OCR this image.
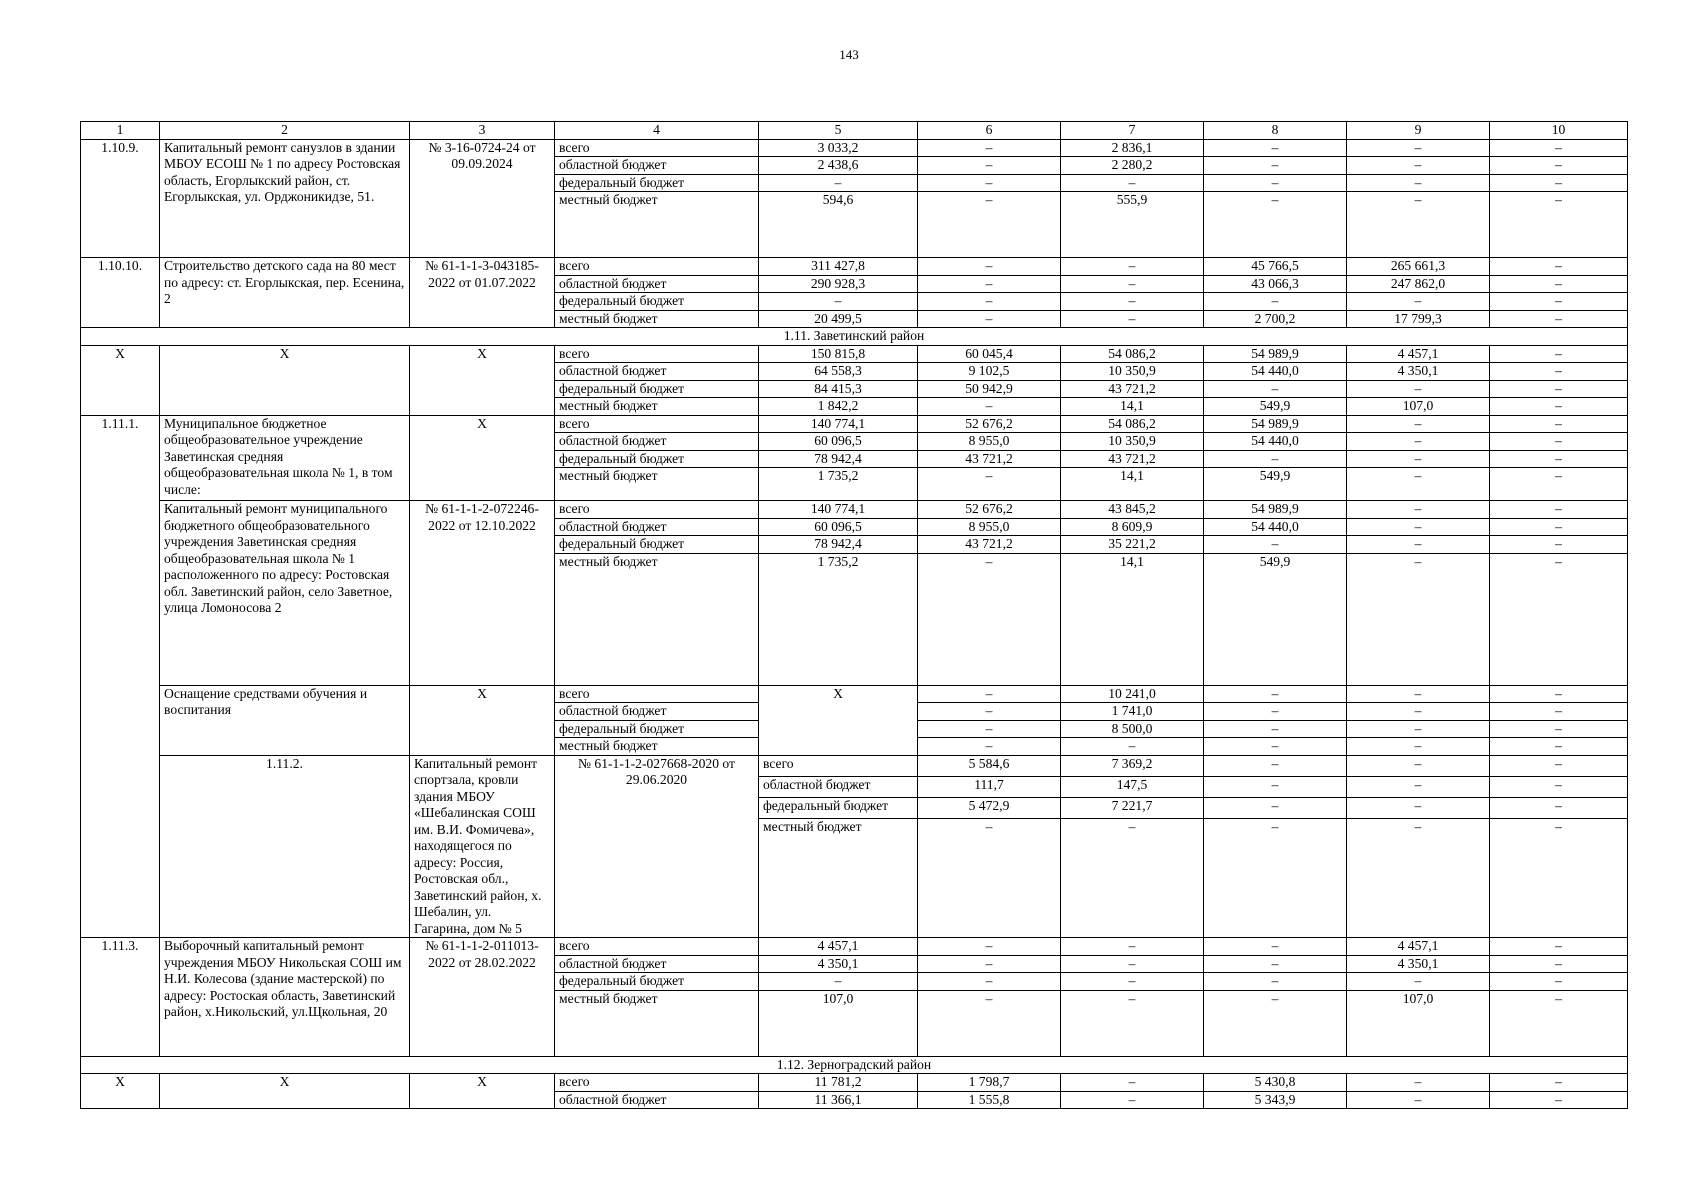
143
1	2	3	4	5	6	7	8	9	10	
1.10.9.	Капитальный ремонт санузлов в здании МБОУ ЕСОШ № 1 по адресу Ростовская область, Егорлыкский район, ст. Егорлыкская, ул. Орджоникидзе, 51.	№ 3-16-0724-24 от 09.09.2024	всего	3 033,2	–	2 836,1	–	–	–	
			областной бюджет	2 438,6	–	2 280,2	–	–	–	
			федеральный бюджет	–	–	–	–	–	–	
			местный бюджет	594,6	–	555,9	–	–	–	
1.10.10.	Строительство детского сада на 80 мест по адресу: ст. Егорлыкская, пер. Есенина, 2	№ 61-1-1-3-043185-2022 от 01.07.2022	всего	311 427,8	–	–	45 766,5	265 661,3	–	
			областной бюджет	290 928,3	–	–	43 066,3	247 862,0	–	
			федеральный бюджет	–	–	–	–	–	–	
			местный бюджет	20 499,5	–	–	2 700,2	17 799,3	–	
1.11. Заветинский район										
Х	Х	Х	всего	150 815,8	60 045,4	54 086,2	54 989,9	4 457,1	–	
			областной бюджет	64 558,3	9 102,5	10 350,9	54 440,0	4 350,1	–	
			федеральный бюджет	84 415,3	50 942,9	43 721,2	–	–	–	
			местный бюджет	1 842,2	–	14,1	549,9	107,0	–	
1.11.1.	Муниципальное бюджетное общеобразовательное учреждение Заветинская средняя общеобразовательная школа № 1, в том числе:	Х	всего	140 774,1	52 676,2	54 086,2	54 989,9	–	–	
			областной бюджет	60 096,5	8 955,0	10 350,9	54 440,0	–	–	
			федеральный бюджет	78 942,4	43 721,2	43 721,2	–	–	–	
			местный бюджет	1 735,2	–	14,1	549,9	–	–	
	Капитальный ремонт муниципального бюджетного общеобразовательного учреждения Заветинская средняя общеобразовательная школа № 1 расположенного по адресу: Ростовская обл. Заветинский район, село Заветное, улица Ломоносова 2	№ 61-1-1-2-072246-2022 от 12.10.2022	всего	140 774,1	52 676,2	43 845,2	54 989,9	–	–	
			областной бюджет	60 096,5	8 955,0	8 609,9	54 440,0	–	–	
			федеральный бюджет	78 942,4	43 721,2	35 221,2	–	–	–	
			местный бюджет	1 735,2	–	14,1	549,9	–	–	
	Оснащение средствами обучения и воспитания	Х	всего	Х	–	10 241,0	–	–	–	
			областной бюджет		–	1 741,0	–	–	–	
			федеральный бюджет		–	8 500,0	–	–	–	
			местный бюджет		–	–	–	–	–	
	1.11.2.	Капитальный ремонт спортзала, кровли здания МБОУ «Шебалинская СОШ им. В.И. Фомичева», находящегося по адресу: Россия, Ростовская обл., Заветинский район, х. Шебалин, ул. Гагарина, дом № 5	№ 61-1-1-2-027668-2020 от 29.06.2020	всего	5 584,6	7 369,2	–	–	–	
				областной бюджет	111,7	147,5	–	–	–	
				федеральный бюджет	5 472,9	7 221,7	–	–	–	
				местный бюджет	–	–	–	–	–	
1.11.3.	Выборочный капитальный ремонт учреждения МБОУ Никольская СОШ им Н.И. Колесова (здание мастерской) по адресу: Ростоская область, Заветинский район, х.Никольский, ул.Щкольная, 20	№ 61-1-1-2-011013-2022 от 28.02.2022	всего	4 457,1	–	–	–	4 457,1	–	
			областной бюджет	4 350,1	–	–	–	4 350,1	–	
			федеральный бюджет	–	–	–	–	–	–	
			местный бюджет	107,0	–	–	–	107,0	–	
1.12. Зерноградский район										
Х	Х	Х	всего	11 781,2	1 798,7	–	5 430,8	–	–	
			областной бюджет	11 366,1	1 555,8	–	5 343,9	–	–	
